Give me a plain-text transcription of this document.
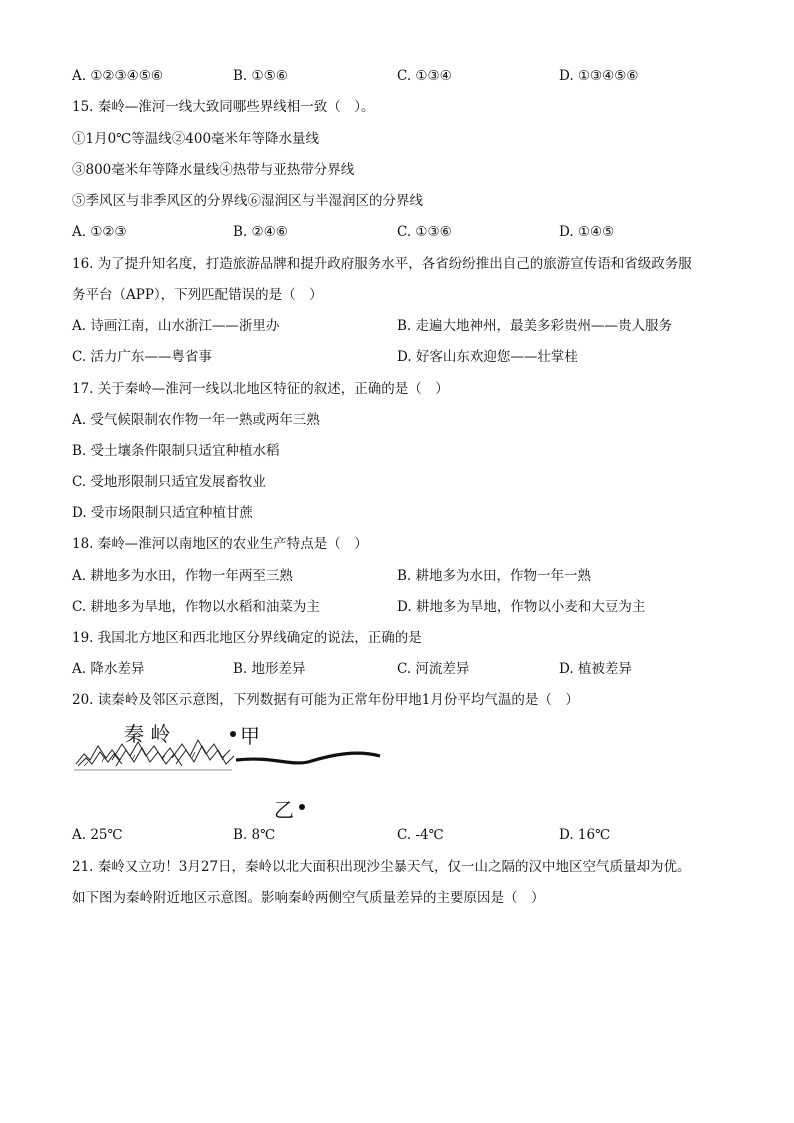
A. ①②③④⑤⑥	B. ①⑤⑥	C. ①③④	D. ①③④⑤⑥
15. 秦岭—淮河一线大致同哪些界线相一致（　）。
①1月0℃等温线②400毫米年等降水量线
③800毫米年等降水量线④热带与亚热带分界线
⑤季风区与非季风区的分界线⑥湿润区与半湿润区的分界线
A. ①②③	B. ②④⑥	C. ①③⑥	D. ①④⑤
16. 为了提升知名度，打造旅游品牌和提升政府服务水平，各省纷纷推出自己的旅游宣传语和省级政务服
务平台（APP），下列匹配错误的是（　）
A. 诗画江南，山水浙江——浙里办	B. 走遍大地神州，最美多彩贵州——贵人服务
C. 活力广东——粤省事	D. 好客山东欢迎您——壮掌桂
17. 关于秦岭—淮河一线以北地区特征的叙述，正确的是（　）
A. 受气候限制农作物一年一熟或两年三熟
B. 受土壤条件限制只适宜种植水稻
C. 受地形限制只适宜发展畜牧业
D. 受市场限制只适宜种植甘蔗
18. 秦岭—淮河以南地区的农业生产特点是（　）
A. 耕地多为水田，作物一年两至三熟	B. 耕地多为水田，作物一年一熟
C. 耕地多为旱地，作物以水稻和油菜为主	D. 耕地多为旱地，作物以小麦和大豆为主
19. 我国北方地区和西北地区分界线确定的说法，正确的是
A. 降水差异	B. 地形差异	C. 河流差异	D. 植被差异
20. 读秦岭及邻区示意图，下列数据有可能为正常年份甲地1月份平均气温的是（　）
秦 岭	甲
乙
A. 25℃	B. 8℃	C. -4℃	D. 16℃
21. 秦岭又立功！3月27日，秦岭以北大面积出现沙尘暴天气，仅一山之隔的汉中地区空气质量却为优。
如下图为秦岭附近地区示意图。影响秦岭两侧空气质量差异的主要原因是（　）
